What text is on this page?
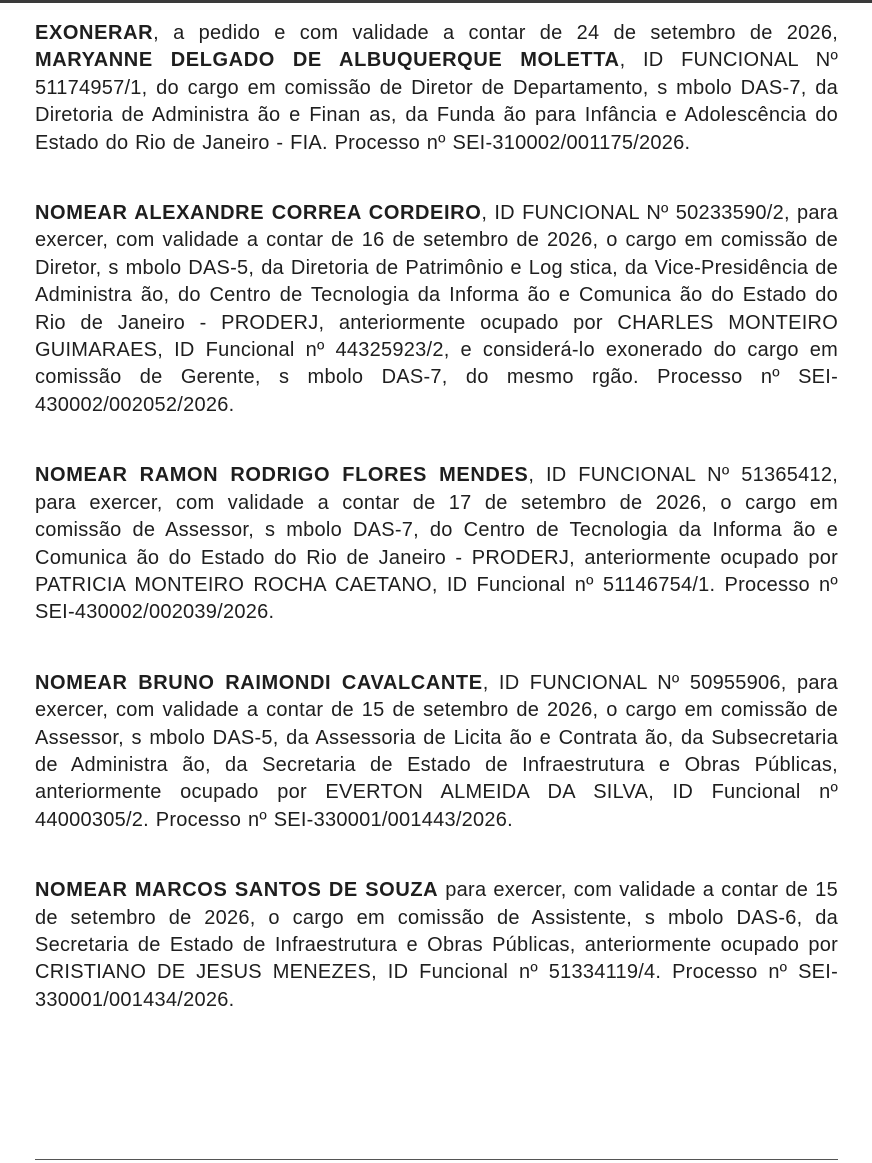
EXONERAR, a pedido e com validade a contar de 24 de setembro de 2026, MARYANNE DELGADO DE ALBUQUERQUE MOLETTA, ID FUNCIONAL Nº 51174957/1, do cargo em comissão de Diretor de Departamento, s mbolo DAS-7, da Diretoria de Administra ão e Finan as, da Funda ão para Infância e Adolescência do Estado do Rio de Janeiro - FIA. Processo nº SEI-310002/001175/2026.

NOMEAR ALEXANDRE CORREA CORDEIRO, ID FUNCIONAL Nº 50233590/2, para exercer, com validade a contar de 16 de setembro de 2026, o cargo em comissão de Diretor, s mbolo DAS-5, da Diretoria de Patrimônio e Log stica, da Vice-Presidência de Administra ão, do Centro de Tecnologia da Informa ão e Comunica ão do Estado do Rio de Janeiro - PRODERJ, anteriormente ocupado por CHARLES MONTEIRO GUIMARAES, ID Funcional nº 44325923/2, e considerá-lo exonerado do cargo em comissão de Gerente, s mbolo DAS-7, do mesmo rgão. Processo nº SEI-430002/002052/2026.

NOMEAR RAMON RODRIGO FLORES MENDES, ID FUNCIONAL Nº 51365412, para exercer, com validade a contar de 17 de setembro de 2026, o cargo em comissão de Assessor, s mbolo DAS-7, do Centro de Tecnologia da Informa ão e Comunica ão do Estado do Rio de Janeiro - PRODERJ, anteriormente ocupado por PATRICIA MONTEIRO ROCHA CAETANO, ID Funcional nº 51146754/1. Processo nº SEI-430002/002039/2026.

NOMEAR BRUNO RAIMONDI CAVALCANTE, ID FUNCIONAL Nº 50955906, para exercer, com validade a contar de 15 de setembro de 2026, o cargo em comissão de Assessor, s mbolo DAS-5, da Assessoria de Licita ão e Contrata ão, da Subsecretaria de Administra ão, da Secretaria de Estado de Infraestrutura e Obras Públicas, anteriormente ocupado por EVERTON ALMEIDA DA SILVA, ID Funcional nº 44000305/2. Processo nº SEI-330001/001443/2026.

NOMEAR MARCOS SANTOS DE SOUZA para exercer, com validade a contar de 15 de setembro de 2026, o cargo em comissão de Assistente, s mbolo DAS-6, da Secretaria de Estado de Infraestrutura e Obras Públicas, anteriormente ocupado por CRISTIANO DE JESUS MENEZES, ID Funcional nº 51334119/4. Processo nº SEI-330001/001434/2026.
